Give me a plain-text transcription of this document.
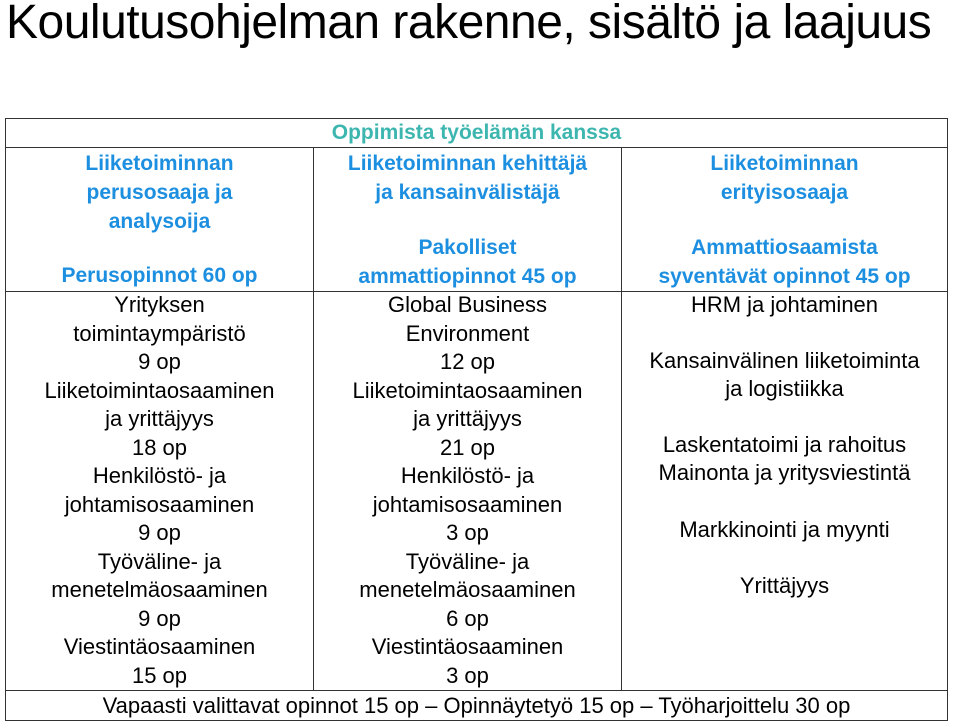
Koulutusohjelman rakenne, sisältö ja laajuus
Oppimista työelämän kanssa
Liiketoiminnan
perusosaaja ja
analysoija
Perusopinnot 60 op
Liiketoiminnan kehittäjä
ja kansainvälistäjä
Pakolliset
ammattiopinnot 45 op
Liiketoiminnan
erityisosaaja
Ammattiosaamista
syventävät opinnot 45 op
Yrityksen
toimintaympäristö
9 op
Liiketoimintaosaaminen
ja yrittäjyys
18 op
Henkilöstö- ja
johtamisosaaminen
9 op
Työväline- ja
menetelmäosaaminen
9 op
Viestintäosaaminen
15 op
Global Business
Environment
12 op
Liiketoimintaosaaminen
ja yrittäjyys
21 op
Henkilöstö- ja
johtamisosaaminen
3 op
Työväline- ja
menetelmäosaaminen
6 op
Viestintäosaaminen
3 op
HRM ja johtaminen
Kansainvälinen liiketoiminta
ja logistiikka
Laskentatoimi ja rahoitus
Mainonta ja yritysviestintä
Markkinointi ja myynti
Yrittäjyys
Vapaasti valittavat opinnot 15 op – Opinnäytetyö 15 op – Työharjoittelu 30 op
